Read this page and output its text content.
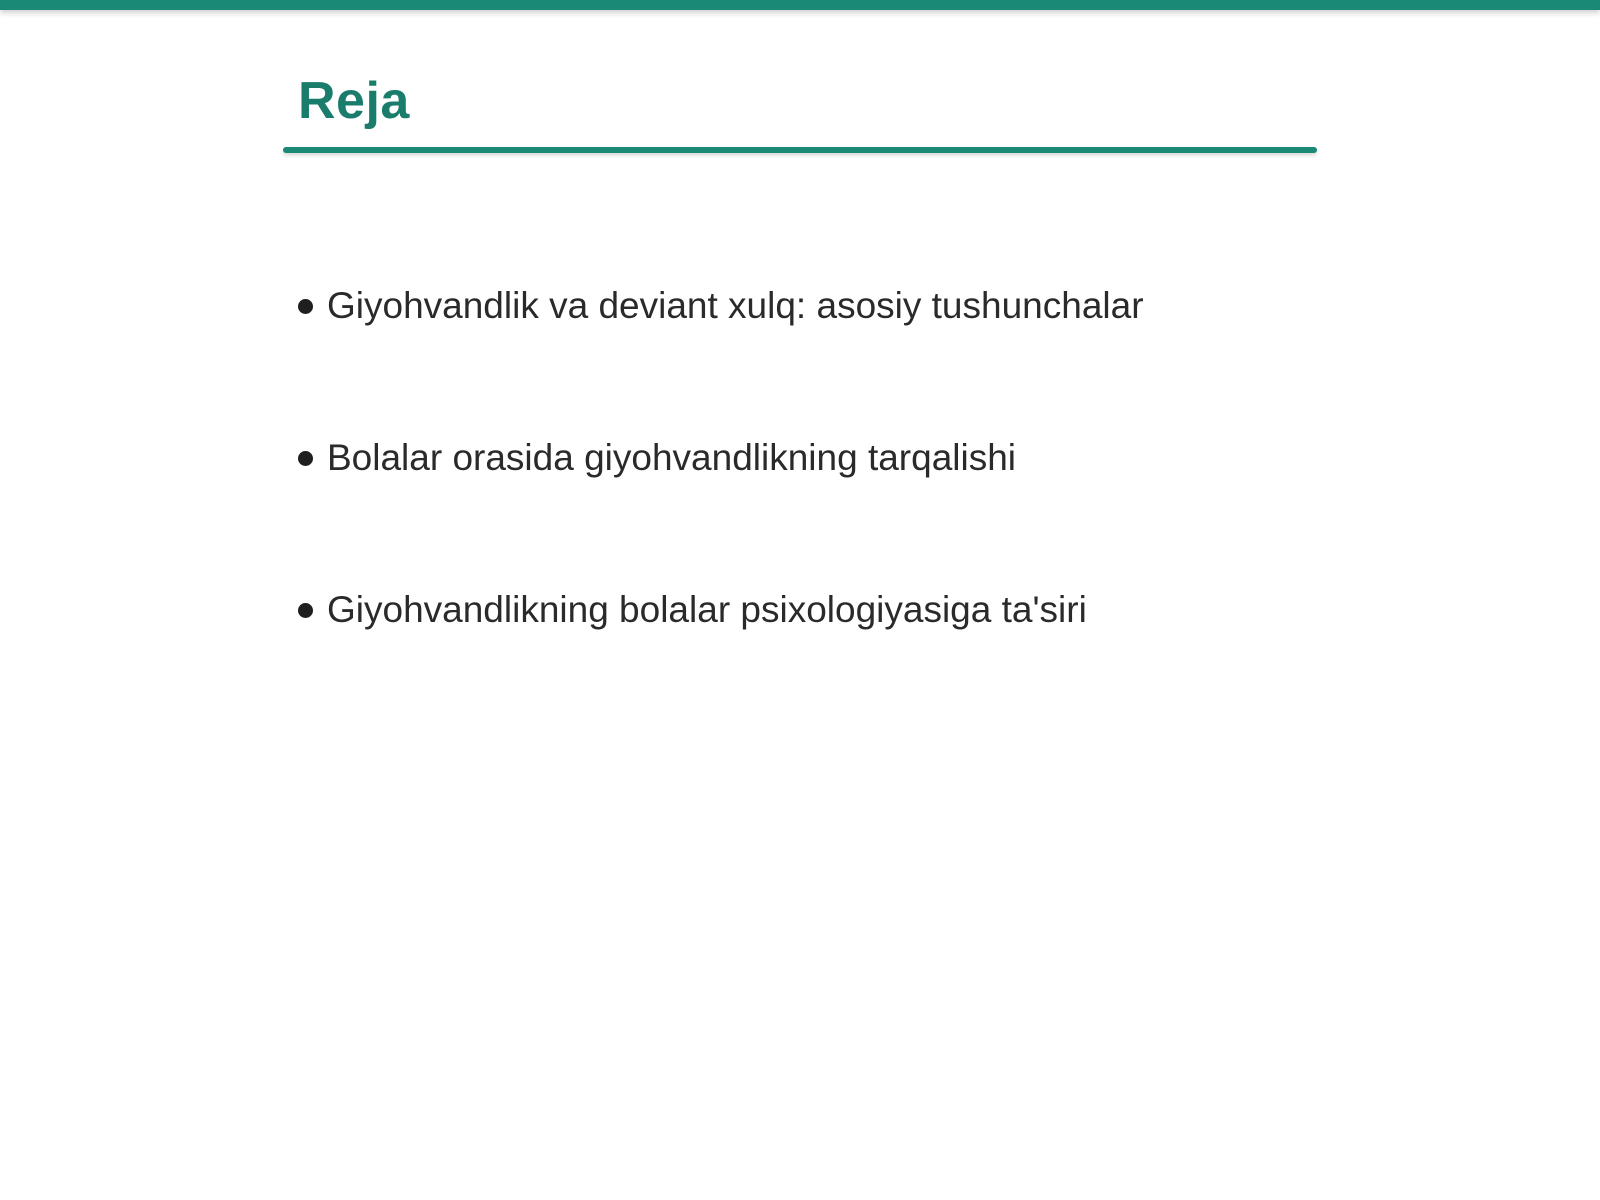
Reja
Giyohvandlik va deviant xulq: asosiy tushunchalar
Bolalar orasida giyohvandlikning tarqalishi
Giyohvandlikning bolalar psixologiyasiga ta'siri
